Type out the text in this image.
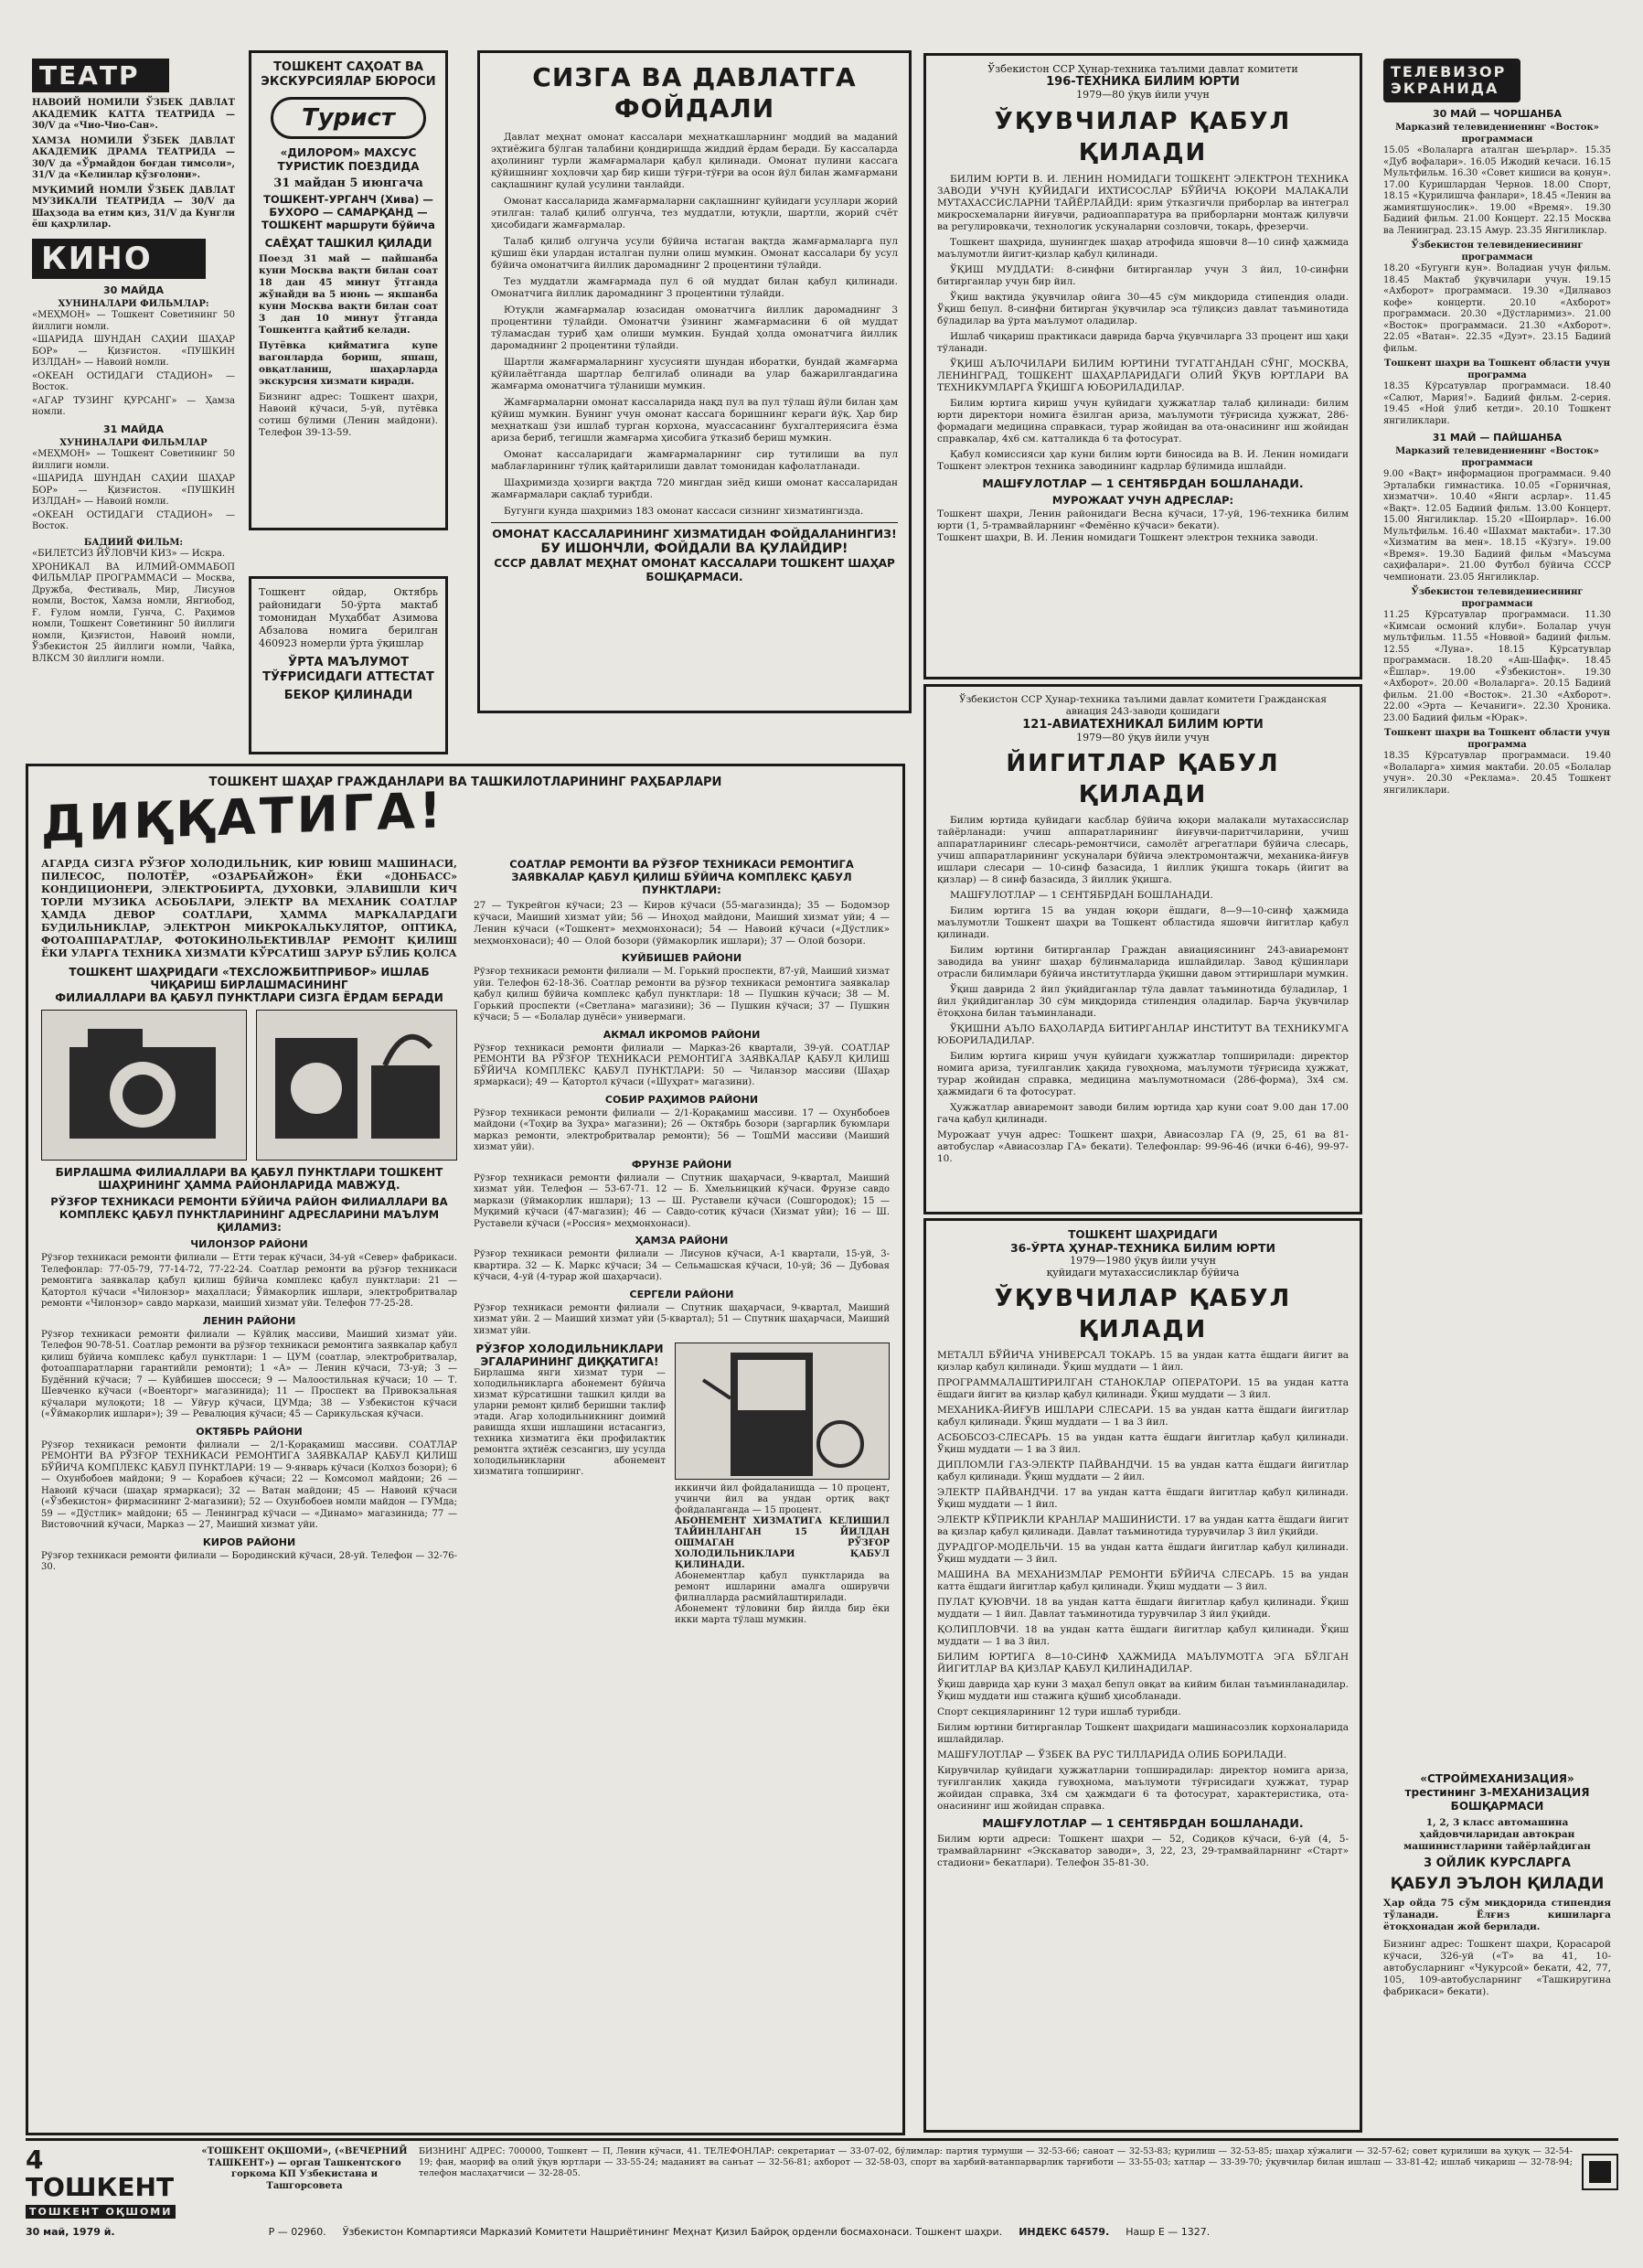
ТЕАТР
НАВОИЙ НОМИЛИ ЎЗБЕК ДАВЛАТ АКАДЕМИК КАТТА ТЕАТРИДА — 30/V да «Чио-Чио-Сан».
ХАМЗА НОМИЛИ ЎЗБЕК ДАВЛАТ АКАДЕМИК ДРАМА ТЕАТРИДА — 30/V да «Ўрмайдон боғдан тимсоли», 31/V да «Келинлар қўзғолони».
МУҚИМИЙ НОМЛИ ЎЗБЕК ДАВЛАТ МУЗИКАЛИ ТЕАТРИДА — 30/V да Шаҳзода ва етим қиз, 31/V да Кунгли ёш қаҳрлилар.
КИНО
30 МАЙДА
ХУНИНАЛАРИ ФИЛЬМЛАР:
«МЕҲМОН» — Тошкент Советининг 50 йиллиги номли.
«ШАРИДА ШУНДАН САҲИИ ШАҲАР БОР» — Қизғистон. «ПУШКИН ИЗЛДАН» — Навоий номли.
«ОКЕАН ОСТИДАГИ СТАДИОН» — Восток.
«АГАР ТУЗИНГ ҚУРСАНГ» — Ҳамза номли.
31 МАЙДА
ХУНИНАЛАРИ ФИЛЬМЛАР
«МЕҲМОН» — Тошкент Советининг 50 йиллиги номли.
«ШАРИДА ШУНДАН САҲИИ ШАҲАР БОР» — Қизғистон. «ПУШКИН ИЗЛДАН» — Навоий номли.
«ОКЕАН ОСТИДАГИ СТАДИОН» — Восток.
БАДИИЙ ФИЛЬМ:
«БИЛЕТСИЗ ЙЎЛОВЧИ КИЗ» — Искра.
ХРОНИКАЛ ВА ИЛМИЙ-ОММАБОП ФИЛЬМЛАР ПРОГРАММАСИ — Москва, Дружба, Фестиваль, Мир, Лисунов номли, Восток, Хамза номли, Янгиобод, Ғ. Ғулом номли, Гунча, С. Раҳимов номли, Тошкент Советининг 50 йиллиги номли, Қизғистон, Навоий номли, Ўзбекистон 25 йиллиги номли, Чайка, ВЛКСМ 30 йиллиги номли.
ТОШКЕНТ САҲОАТ ВА ЭКСКУРСИЯЛАР БЮРОСИ
Турист
«ДИЛОРОМ» МАХСУС ТУРИСТИК ПОЕЗДИДА
31 майдан 5 июнгача
ТОШКЕНТ-УРГАНЧ (Хива) — БУХОРО — САМАРҚАНД — ТОШКЕНТ маршрути бўйича
САЁҲАТ ТАШКИЛ ҚИЛАДИ
Поезд 31 май — пайшанба куни Москва вақти билан соат 18 дан 45 минут ўтганда жўнайди ва 5 июнь — якшанба куни Москва вақти билан соат 3 дан 10 минут ўтганда Тошкентга қайтиб келади.
Путёвка қийматига купе вагонларда бориш, яшаш, овқатланиш, шаҳарларда экскурсия хизмати киради.
Бизнинг адрес: Тошкент шаҳри, Навоий кўчаси, 5-уй, путёвка сотиш бўлими (Ленин майдони). Телефон 39-13-59.
Тошкент ойдар, Октябрь районидаги 50-ўрта мактаб томонидан Муҳаббат Азимова Абзалова номига берилган 460923 номерли ўрта ўқишлар
ЎРТА МАЪЛУМОТ ТЎҒРИСИДАГИ АТТЕСТАТ
БЕКОР ҚИЛИНАДИ
СИЗГА ВА ДАВЛАТГА ФОЙДАЛИ
Давлат меҳнат омонат кассалари меҳнаткашларнинг моддий ва маданий эҳтиёжига бўлган талабини қондиришда жиддий ёрдам беради. Бу кассаларда аҳолининг турли жамғармалари қабул қилинади. Омонат пулини кассага қўйишнинг хоҳловчи ҳар бир киши тўғри-тўғри ва осон йўл билан жамғармани сақлашнинг қулай усулини танлайди.
Омонат кассаларида жамғармаларни сақлашнинг қуйидаги усуллари жорий этилган: талаб қилиб олгунча, тез муддатли, ютуқли, шартли, жорий счёт ҳисобидаги жамғармалар.
Талаб қилиб олгунча усули бўйича истаган вақтда жамғармаларга пул қўшиш ёки улардан исталган пулни олиш мумкин. Омонат кассалари бу усул бўйича омонатчига йиллик даромаднинг 2 процентини тўлайди.
Тез муддатли жамғармада пул 6 ой муддат билан қабул қилинади. Омонатчига йиллик даромаднинг 3 процентини тўлайди.
Ютуқли жамғармалар юзасидан омонатчига йиллик даромаднинг 3 процентини тўлайди. Омонатчи ўзининг жамғармасини 6 ой муддат тўламасдан туриб ҳам олиши мумкин. Бундай ҳолда омонатчига йиллик даромаднинг 2 процентини тўлайди.
Шартли жамғармаларнинг хусусияти шундан иборатки, бундай жамғарма қўйилаётганда шартлар белгилаб олинади ва улар бажарилгандагина жамғарма омонатчига тўланиши мумкин.
Жамғармаларни омонат кассаларида нақд пул ва пул тўлаш йўли билан ҳам қўйиш мумкин. Бунинг учун омонат кассага боришнинг кераги йўқ. Ҳар бир меҳнаткаш ўзи ишлаб турган корхона, муассасанинг бухгалтериясига ёзма ариза бериб, тегишли жамғарма ҳисобига ўтказиб бериш мумкин.
Омонат кассаларидаги жамғармаларнинг сир тутилиши ва пул маблағларининг тўлиқ қайтарилиши давлат томонидан кафолатланади.
Шаҳримизда ҳозирги вақтда 720 мингдан зиёд киши омонат кассаларидан жамғармалари сақлаб турибди.
Бугунги кунда шаҳримиз 183 омонат кассаси сизнинг хизматингизда.
ОМОНАТ КАССАЛАРИНИНГ ХИЗМАТИДАН ФОЙДАЛАНИНГИЗ!
БУ ИШОНЧЛИ, ФОЙДАЛИ ВА ҚУЛАЙДИР!
СССР ДАВЛАТ МЕҲНАТ ОМОНАТ КАССАЛАРИ ТОШКЕНТ ШАҲАР БОШҚАРМАСИ.
Ўзбекистон ССР Ҳунар-техника таълими давлат комитети
196-ТЕХНИКА БИЛИМ ЮРТИ
1979—80 ўқув йили учун
ЎҚУВЧИЛАР ҚАБУЛ ҚИЛАДИ
БИЛИМ ЮРТИ В. И. ЛЕНИН НОМИДАГИ ТОШКЕНТ ЭЛЕКТРОН ТЕХНИКА ЗАВОДИ УЧУН ҚУЙИДАГИ ИХТИСОСЛАР БЎЙИЧА ЮҚОРИ МАЛАКАЛИ МУТАХАССИСЛАРНИ ТАЙЁРЛАЙДИ: ярим ўтказгичли приборлар ва интеграл микросхемаларни йиғувчи, радиоаппаратура ва приборларни монтаж қилувчи ва регулировкачи, технологик ускуналарни созловчи, токарь, фрезерчи.
Тошкент шаҳрида, шунингдек шаҳар атрофида яшовчи 8—10 синф ҳажмида маълумотли йигит-қизлар қабул қилинади.
ЎҚИШ МУДДАТИ: 8-синфни битирганлар учун 3 йил, 10-синфни битирганлар учун бир йил.
Ўқиш вақтида ўқувчилар ойига 30—45 сўм миқдорида стипендия олади. Ўқиш бепул. 8-синфни битирган ўқувчилар эса тўлиқсиз давлат таъминотида бўладилар ва ўрта маълумот оладилар.
Ишлаб чиқариш практикаси даврида барча ўқувчиларга 33 процент иш ҳақи тўланади.
ЎҚИШ АЪЛОЧИЛАРИ БИЛИМ ЮРТИНИ ТУГАТГАНДАН СЎНГ, МОСКВА, ЛЕНИНГРАД, ТОШКЕНТ ШАҲАРЛАРИДАГИ ОЛИЙ ЎҚУВ ЮРТЛАРИ ВА ТЕХНИКУМЛАРГА ЎҚИШГА ЮБОРИЛАДИЛАР.
Билим юртига кириш учун қуйидаги ҳужжатлар талаб қилинади: билим юрти директори номига ёзилган ариза, маълумоти тўғрисида ҳужжат, 286-формадаги медицина справкаси, турар жойидан ва ота-онасининг иш жойидан справкалар, 4x6 см. катталикда 6 та фотосурат.
Қабул комиссияси ҳар куни билим юрти биносида ва В. И. Ленин номидаги Тошкент электрон техника заводининг кадрлар бўлимида ишлайди.
МАШҒУЛОТЛАР — 1 СЕНТЯБРДАН БОШЛАНАДИ.
МУРОЖААТ УЧУН АДРЕСЛАР:
Тошкент шаҳри, Ленин районидаги Весна кўчаси, 17-уй, 196-техника билим юрти (1, 5-трамвайларнинг «Фемённо кўчаси» бекати).
Тошкент шаҳри, В. И. Ленин номидаги Тошкент электрон техника заводи.
Ўзбекистон ССР Ҳунар-техника таълими давлат комитети Гражданская авиация 243-заводи қошидаги
121-АВИАТЕХНИКАЛ БИЛИМ ЮРТИ
1979—80 ўқув йили учун
ЙИГИТЛАР ҚАБУЛ ҚИЛАДИ
Билим юртида қуйидаги касблар бўйича юқори малакали мутахассислар тайёрланади: учиш аппаратларининг йиғувчи-паритчиларини, учиш аппаратларининг слесарь-ремонтчиси, самолёт агрегатлари бўйича слесарь, учиш аппаратларининг ускуналари бўйича электромонтажчи, механика-йиғув ишлари слесари — 10-синф базасида, 1 йиллик ўқишга токарь (йигит ва қизлар) — 8 синф базасида, 3 йиллик ўқишга.
МАШҒУЛОТЛАР — 1 СЕНТЯБРДАН БОШЛАНАДИ.
Билим юртига 15 ва ундан юқори ёшдаги, 8—9—10-синф ҳажмида маълумотли Тошкент шаҳри ва Тошкент областида яшовчи йигитлар қабул қилинади.
Билим юртини битирганлар Граждан авиациясининг 243-авиаремонт заводида ва унинг шаҳар бўлинмаларида ишлайдилар. Завод қўшинлари отрасли билимлари бўйича институтларда ўқишни давом эттиришлари мумкин.
Ўқиш даврида 2 йил ўқийдиганлар тўла давлат таъминотида бўладилар, 1 йил ўқийдиганлар 30 сўм миқдорида стипендия оладилар. Барча ўқувчилар ётоқхона билан таъминланади.
ЎҚИШНИ АЪЛО БАҲОЛАРДА БИТИРГАНЛАР ИНСТИТУТ ВА ТЕХНИКУМГА ЮБОРИЛАДИЛАР.
Билим юртига кириш учун қуйидаги ҳужжатлар топширилади: директор номига ариза, туғилганлик ҳақида гувоҳнома, маълумоти тўғрисида ҳужжат, турар жойидан справка, медицина маълумотномаси (286-форма), 3x4 см. ҳажмидаги 6 та фотосурат.
Ҳужжатлар авиаремонт заводи билим юртида ҳар куни соат 9.00 дан 17.00 гача қабул қилинади.
Мурожаат учун адрес: Тошкент шаҳри, Авиасозлар ГА (9, 25, 61 ва 81-автобуслар «Авиасозлар ГА» бекати). Телефонлар: 99-96-46 (ички 6-46), 99-97-10.
ТЕЛЕВИЗОР ЭКРАНИДА
30 МАЙ — ЧОРШАНБА
Марказий телевидениенинг «Восток» программаси
15.05 «Волаларга аталган шеърлар». 15.35 «Дуб вофалари». 16.05 Ижодий кечаси. 16.15 Мультфильм. 16.30 «Совет кишиси ва қонун». 17.00 Куришлардан Чернов. 18.00 Спорт, 18.15 «Қурилишча фанлари», 18.45 «Ленин ва жамиятшунослик». 19.00 «Время». 19.30 Бадиий фильм. 21.00 Концерт. 22.15 Москва ва Ленинград. 23.15 Амур. 23.35 Янгиликлар.
Ўзбекистон телевидениесининг программаси
18.20 «Бугунги кун». Воладиан учун фильм. 18.45 Мактаб ўқувчилари учун. 19.15 «Ахборот» программаси. 19.30 «Дилнавоз кофе» концерти. 20.10 «Ахборот» программаси. 20.30 «Дўстларимиз». 21.00 «Восток» программаси. 21.30 «Ахборот». 22.05 «Ватан». 22.35 «Дуэт». 23.15 Бадиий фильм.
Тошкент шаҳри ва Тошкент области учун программа
18.35 Кўрсатувлар программаси. 18.40 «Салют, Мария!». Бадиий фильм. 2-серия. 19.45 «Ной ўлиб кетди». 20.10 Тошкент янгиликлари.
31 МАЙ — ПАЙШАНБА
Марказий телевидениенинг «Восток» программаси
9.00 «Вақт» информацион программаси. 9.40 Эрталабки гимнастика. 10.05 «Горничная, хизматчи». 10.40 «Янги асрлар». 11.45 «Вақт». 12.05 Бадиий фильм. 13.00 Концерт. 15.00 Янгиликлар. 15.20 «Шоирлар». 16.00 Мультфильм. 16.40 «Шахмат мактаби». 17.30 «Хизматим ва мен». 18.15 «Кўзгу». 19.00 «Время». 19.30 Бадиий фильм «Маъсума саҳифалари». 21.00 Футбол бўйича СССР чемпионати. 23.05 Янгиликлар.
Ўзбекистон телевидениесининг программаси
11.25 Кўрсатувлар программаси. 11.30 «Кимсаи осмоний клуби». Болалар учун мультфильм. 11.55 «Новвой» бадиий фильм. 12.55 «Луна». 18.15 Кўрсатувлар программаси. 18.20 «Аш-Шафқ». 18.45 «Ёшлар». 19.00 «Ўзбекистон». 19.30 «Ахборот». 20.00 «Волаларга». 20.15 Бадиий фильм. 21.00 «Восток». 21.30 «Ахборот». 22.00 «Эрта — Кечаниги». 22.30 Хроника. 23.00 Бадиий фильм «Юрак».
Тошкент шаҳри ва Тошкент области учун программа
18.35 Кўрсатувлар программаси. 19.40 «Волаларга» химия мактаби. 20.05 «Болалар учун». 20.30 «Реклама». 20.45 Тошкент янгиликлари.
«СТРОЙМЕХАНИЗАЦИЯ» трестининг 3-МЕХАНИЗАЦИЯ БОШҚАРМАСИ
1, 2, 3 класс автомашина ҳайдовчиларидан автокран машинистларини тайёрлайдиган
3 ОЙЛИК КУРСЛАРГА
ҚАБУЛ ЭЪЛОН ҚИЛАДИ
Ҳар ойда 75 сўм миқдорида стипендия тўланади. Ёлғиз кишиларга ётоқхонадан жой берилади.
Бизнинг адрес: Тошкент шаҳри, Қорасарой кўчаси, 326-уй («Т» ва 41, 10-автобусларнинг «Чукурсой» бекати, 42, 77, 105, 109-автобусларнинг «Ташкиругина фабрикаси» бекати).
ТОШКЕНТ ШАҲАР ГРАЖДАНЛАРИ ВА ТАШКИЛОТЛАРИНИНГ РАҲБАРЛАРИ
ДИҚҚАТИГА!
АГАРДА СИЗГА РЎЗҒОР ХОЛОДИЛЬНИК, КИР ЮВИШ МАШИНАСИ, ПИЛЕСОС, ПОЛОТЁР, «ОЗАРБАЙЖОН» ЁКИ «ДОНБАСС» КОНДИЦИОНЕРИ, ЭЛЕКТРОБИРТА, ДУХОВКИ, ЭЛАВИШЛИ КИЧ ТОРЛИ МУЗИКА АСБОБЛАРИ, ЭЛЕКТР ВА МЕХАНИК СОАТЛАР ҲАМДА ДЕВОР СОАТЛАРИ, ҲАММА МАРКАЛАРДАГИ БУДИЛЬНИКЛАР, ЭЛЕКТРОН МИКРОКАЛЬКУЛЯТОР, ОПТИКА, ФОТОАППАРАТЛАР, ФОТОКИНОЛЬЕКТИВЛАР РЕМОНТ ҚИЛИШ ЁКИ УЛАРГА ТЕХНИКА ХИЗМАТИ КЎРСАТИШ ЗАРУР БЎЛИБ ҚОЛСА
ТОШКЕНТ ШАҲРИДАГИ «ТЕХСЛОЖБИТПРИБОР» ИШЛАБ ЧИҚАРИШ БИРЛАШМАСИНИНГ
ФИЛИАЛЛАРИ ВА ҚАБУЛ ПУНКТЛАРИ СИЗГА ЁРДАМ БЕРАДИ
БИРЛАШМА ФИЛИАЛЛАРИ ВА ҚАБУЛ ПУНКТЛАРИ ТОШКЕНТ ШАҲРИНИНГ ҲАММА РАЙОНЛАРИДА МАВЖУД.
РЎЗҒОР ТЕХНИКАСИ РЕМОНТИ БЎЙИЧА РАЙОН ФИЛИАЛЛАРИ ВА КОМПЛЕКС ҚАБУЛ ПУНКТЛАРИНИНГ АДРЕСЛАРИНИ МАЪЛУМ ҚИЛАМИЗ:
ЧИЛОНЗОР РАЙОНИ
Рўзғор техникаси ремонти филиали — Етти терак кўчаси, 34-уй «Север» фабрикаси. Телефонлар: 77-05-79, 77-14-72, 77-22-24. Соатлар ремонти ва рўзғор техникаси ремонтига заявкалар қабул қилиш бўйича комплекс қабул пунктлари: 21 — Қатортол кўчаси «Чилонзор» маҳалласи; Ўймакорлик ишлари, электробритвалар ремонти «Чилонзор» савдо маркази, маиший хизмат уйи. Телефон 77-25-28.
ЛЕНИН РАЙОНИ
Рўзғор техникаси ремонти филиали — Кўйлиқ массиви, Маиший хизмат уйи. Телефон 90-78-51. Соатлар ремонти ва рўзғор техникаси ремонтига заявкалар қабул қилиш бўйича комплекс қабул пунктлари: 1 — ЦУМ (соатлар, электробритвалар, фотоаппаратларни гарантийли ремонти); 1 «А» — Ленин кўчаси, 73-уй; 3 — Будённий кўчаси; 7 — Куйбишев шоссеси; 9 — Малоостильная кўчаси; 10 — Т. Шевченко кўчаси («Военторг» магазинида); 11 — Проспект ва Привокзальная кўчалари мулоқоти; 18 — Уйғур кўчаси, ЦУМда; 38 — Узбекистон кўчаси («Ўймакорлик ишлари»); 39 — Ревалюция кўчаси; 45 — Сарикульская кўчаси.
ОКТЯБРЬ РАЙОНИ
Рўзғор техникаси ремонти филиали — 2/1-Қорақамиш массиви. СОАТЛАР РЕМОНТИ ВА РЎЗҒОР ТЕХНИКАСИ РЕМОНТИГА ЗАЯВКАЛАР ҚАБУЛ ҚИЛИШ БЎЙИЧА КОМПЛЕКС ҚАБУЛ ПУНКТЛАРИ: 19 — 9-январь кўчаси (Колхоз бозори); 6 — Охунбобоев майдони; 9 — Корабоев кўчаси; 22 — Комсомол майдони; 26 — Навоий кўчаси (шаҳар ярмаркаси); 32 — Ватан майдони; 45 — Навоий кўчаси («Ўзбекистон» фирмасининг 2-магазини); 52 — Охунбобоев номли майдон — ГУМда; 59 — «Дўстлик» майдони; 65 — Ленинград кўчаси — «Динамо» магазинида; 77 — Вистовочний кўчаси, Марказ — 27, Маиший хизмат уйи.
КИРОВ РАЙОНИ
Рўзғор техникаси ремонти филиали — Бородинский кўчаси, 28-уй. Телефон — 32-76-30.
СОАТЛАР РЕМОНТИ ВА РЎЗҒОР ТЕХНИКАСИ РЕМОНТИГА ЗАЯВКАЛАР ҚАБУЛ ҚИЛИШ БЎЙИЧА КОМПЛЕКС ҚАБУЛ ПУНКТЛАРИ:
27 — Тукрейгон кўчаси; 23 — Киров кўчаси (55-магазинда); 35 — Бодомзор кўчаси, Маиший хизмат уйи; 56 — Иноҳод майдони, Маиший хизмат уйи; 4 — Ленин кўчаси («Тошкент» меҳмонхонаси); 54 — Навоий кўчаси («Дўстлик» меҳмонхонаси); 40 — Олой бозори (ўймакорлик ишлари); 37 — Олой бозори.
КУЙБИШЕВ РАЙОНИ
Рўзғор техникаси ремонти филиали — М. Горький проспекти, 87-уй, Маиший хизмат уйи. Телефон 62-18-36. Соатлар ремонти ва рўзғор техникаси ремонтига заявкалар қабул қилиш бўйича комплекс қабул пунктлари: 18 — Пушкин кўчаси; 38 — М. Горький проспекти («Светлана» магазини); 36 — Пушкин кўчаси; 37 — Пушкин кўчаси; 5 — «Болалар дунёси» универмаги.
АКМАЛ ИКРОМОВ РАЙОНИ
Рўзғор техникаси ремонти филиали — Марказ-26 квартали, 39-уй. СОАТЛАР РЕМОНТИ ВА РЎЗҒОР ТЕХНИКАСИ РЕМОНТИГА ЗАЯВКАЛАР ҚАБУЛ ҚИЛИШ БЎЙИЧА КОМПЛЕКС ҚАБУЛ ПУНКТЛАРИ: 50 — Чиланзор массиви (Шаҳар ярмаркаси); 49 — Қатортол кўчаси («Шуҳрат» магазини).
СОБИР РАҲИМОВ РАЙОНИ
Рўзғор техникаси ремонти филиали — 2/1-Қорақамиш массиви. 17 — Охунбобоев майдони («Тоҳир ва Зуҳра» магазини); 26 — Октябрь бозори (заргарлик буюмлари марказ ремонти, электробритвалар ремонти); 56 — ТошМИ массиви (Маиший хизмат уйи).
ФРУНЗЕ РАЙОНИ
Рўзғор техникаси ремонти филиали — Спутник шаҳарчаси, 9-квартал, Маиший хизмат уйи. Телефон — 53-67-71. 12 — Б. Хмельницкий кўчаси. Фрунзе савдо маркази (ўймакорлик ишлари); 13 — Ш. Руставели кўчаси (Сошгородок); 15 — Муқимий кўчаси (47-магазин); 46 — Савдо-сотиқ кўчаси (Хизмат уйи); 16 — Ш. Руставели кўчаси («Россия» меҳмонхонаси).
ҲАМЗА РАЙОНИ
Рўзғор техникаси ремонти филиали — Лисунов кўчаси, А-1 квартали, 15-уй, 3-квартира. 32 — К. Маркс кўчаси; 34 — Сельмашская кўчаси, 10-уй; 36 — Дубовая кўчаси, 4-уй (4-турар жой шаҳарчаси).
СЕРГЕЛИ РАЙОНИ
Рўзғор техникаси ремонти филиали — Спутник шаҳарчаси, 9-квартал, Маиший хизмат уйи. 2 — Маиший хизмат уйи (5-квартал); 51 — Спутник шаҳарчаси, Маиший хизмат уйи.
РЎЗҒОР ХОЛОДИЛЬНИКЛАРИ ЭГАЛАРИНИНГ ДИҚҚАТИГА!
Бирлашма янги хизмат тури — холодильникларга абонемент бўйича хизмат кўрсатишни ташкил қилди ва уларни ремонт қилиб беришни таклиф этади. Агар холодильникнинг доимий равишда яхши ишлашини истасангиз, техника хизматига ёки профилактик ремонтга эҳтиёж сезсангиз, шу усулда холодильникларни абонемент хизматига топширинг.
иккинчи йил фойдаланишда — 10 процент, учинчи йил ва ундан ортиқ вақт фойдаланганда — 15 процент.
АБОНЕМЕНТ ХИЗМАТИГА КЕЛИШИЛ ТАЙИНЛАНГАН 15 ЙИЛДАН ОШМАГАН РЎЗҒОР ХОЛОДИЛЬНИКЛАРИ ҚАБУЛ ҚИЛИНАДИ.
Абонементлар қабул пунктларида ва ремонт ишларини амалга оширувчи филиалларда расмийлаштирилади.
Абонемент тўловини бир йилда бир ёки икки марта тўлаш мумкин.
ТОШКЕНТ ШАҲРИДАГИ
36-ЎРТА ҲУНАР-ТЕХНИКА БИЛИМ ЮРТИ
1979—1980 ўқув йили учун
қуйидаги мутахассисликлар бўйича
ЎҚУВЧИЛАР ҚАБУЛ ҚИЛАДИ
МЕТАЛЛ БЎЙИЧА УНИВЕРСАЛ ТОКАРЬ. 15 ва ундан катта ёшдаги йигит ва қизлар қабул қилинади. Ўқиш муддати — 1 йил.
ПРОГРАММАЛАШТИРИЛГАН СТАНОКЛАР ОПЕРАТОРИ. 15 ва ундан катта ёшдаги йигит ва қизлар қабул қилинади. Ўқиш муддати — 3 йил.
МЕХАНИКА-ЙИҒУВ ИШЛАРИ СЛЕСАРИ. 15 ва ундан катта ёшдаги йигитлар қабул қилинади. Ўқиш муддати — 1 ва 3 йил.
АСБОБСОЗ-СЛЕСАРЬ. 15 ва ундан катта ёшдаги йигитлар қабул қилинади. Ўқиш муддати — 1 ва 3 йил.
ДИПЛОМЛИ ГАЗ-ЭЛЕКТР ПАЙВАНДЧИ. 15 ва ундан катта ёшдаги йигитлар қабул қилинади. Ўқиш муддати — 2 йил.
ЭЛЕКТР ПАЙВАНДЧИ. 17 ва ундан катта ёшдаги йигитлар қабул қилинади. Ўқиш муддати — 1 йил.
ЭЛЕКТР КЎПРИКЛИ КРАНЛАР МАШИНИСТИ. 17 ва ундан катта ёшдаги йигит ва қизлар қабул қилинади. Давлат таъминотида турувчилар 3 йил ўқийди.
ДУРАДГОР-МОДЕЛЬЧИ. 15 ва ундан катта ёшдаги йигитлар қабул қилинади. Ўқиш муддати — 3 йил.
МАШИНА ВА МЕХАНИЗМЛАР РЕМОНТИ БЎЙИЧА СЛЕСАРЬ. 15 ва ундан катта ёшдаги йигитлар қабул қилинади. Ўқиш муддати — 3 йил.
ПУЛАТ ҚУЮВЧИ. 18 ва ундан катта ёшдаги йигитлар қабул қилинади. Ўқиш муддати — 1 йил. Давлат таъминотида турувчилар 3 йил ўқийди.
ҚОЛИПЛОВЧИ. 18 ва ундан катта ёшдаги йигитлар қабул қилинади. Ўқиш муддати — 1 ва 3 йил.
БИЛИМ ЮРТИГА 8—10-СИНФ ҲАЖМИДА МАЪЛУМОТГА ЭГА БЎЛГАН ЙИГИТЛАР ВА ҚИЗЛАР ҚАБУЛ ҚИЛИНАДИЛАР.
Ўқиш даврида ҳар куни 3 маҳал бепул овқат ва кийим билан таъминланадилар. Ўқиш муддати иш стажига қўшиб ҳисобланади.
Спорт секцияларининг 12 тури ишлаб турибди.
Билим юртини битирганлар Тошкент шаҳридаги машинасозлик корхоналарида ишлайдилар.
МАШҒУЛОТЛАР — ЎЗБЕК ВА РУС ТИЛЛАРИДА ОЛИБ БОРИЛАДИ.
Кирувчилар қуйидаги ҳужжатларни топширадилар: директор номига ариза, туғилганлик ҳақида гувоҳнома, маълумоти тўғрисидаги ҳужжат, турар жойидан справка, 3x4 см ҳажмдаги 6 та фотосурат, характеристика, ота-онасининг иш жойидан справка.
МАШҒУЛОТЛАР — 1 СЕНТЯБРДАН БОШЛАНАДИ.
Билим юрти адреси: Тошкент шаҳри — 52, Содиқов кўчаси, 6-уй (4, 5-трамвайларнинг «Экскаватор заводи», 3, 22, 23, 29-трамвайларнинг «Старт» стадиони» бекатлари). Телефон 35-81-30.
4 ТОШКЕНТ
ТОШКЕНТ ОҚШОМИ
«ТОШКЕНТ ОҚШОМИ», («ВЕЧЕРНИЙ ТАШКЕНТ») — орган Ташкентского горкома КП Узбекистана и Ташгорсовета
БИЗНИНГ АДРЕС: 700000, Тошкент — П, Ленин кўчаси, 41. ТЕЛЕФОНЛАР: секретариат — 33-07-02, бўлимлар: партия турмуши — 32-53-66; саноат — 32-53-83; қурилиш — 32-53-85; шаҳар хўжалиги — 32-57-62; совет қурилиши ва ҳуқуқ — 32-54-19; фан, маориф ва олий ўқув юртлари — 33-55-24; маданият ва санъат — 32-56-81; ахборот — 32-58-03, спорт ва харбий-ватанпарварлик тарғиботи — 33-55-03; хатлар — 33-39-70; ўқувчилар билан ишлаш — 33-81-42; ишлаб чиқариш — 32-78-94; телефон маслаҳатчиси — 32-28-05.
30 май, 1979 й.	Р — 02960. Ўзбекистон Компартияси Марказий Комитети Нашриётининг Меҳнат Қизил Байроқ орденли босмахонаси. Тошкент шаҳри. ИНДЕКС 64579. Нашр Е — 1327.
